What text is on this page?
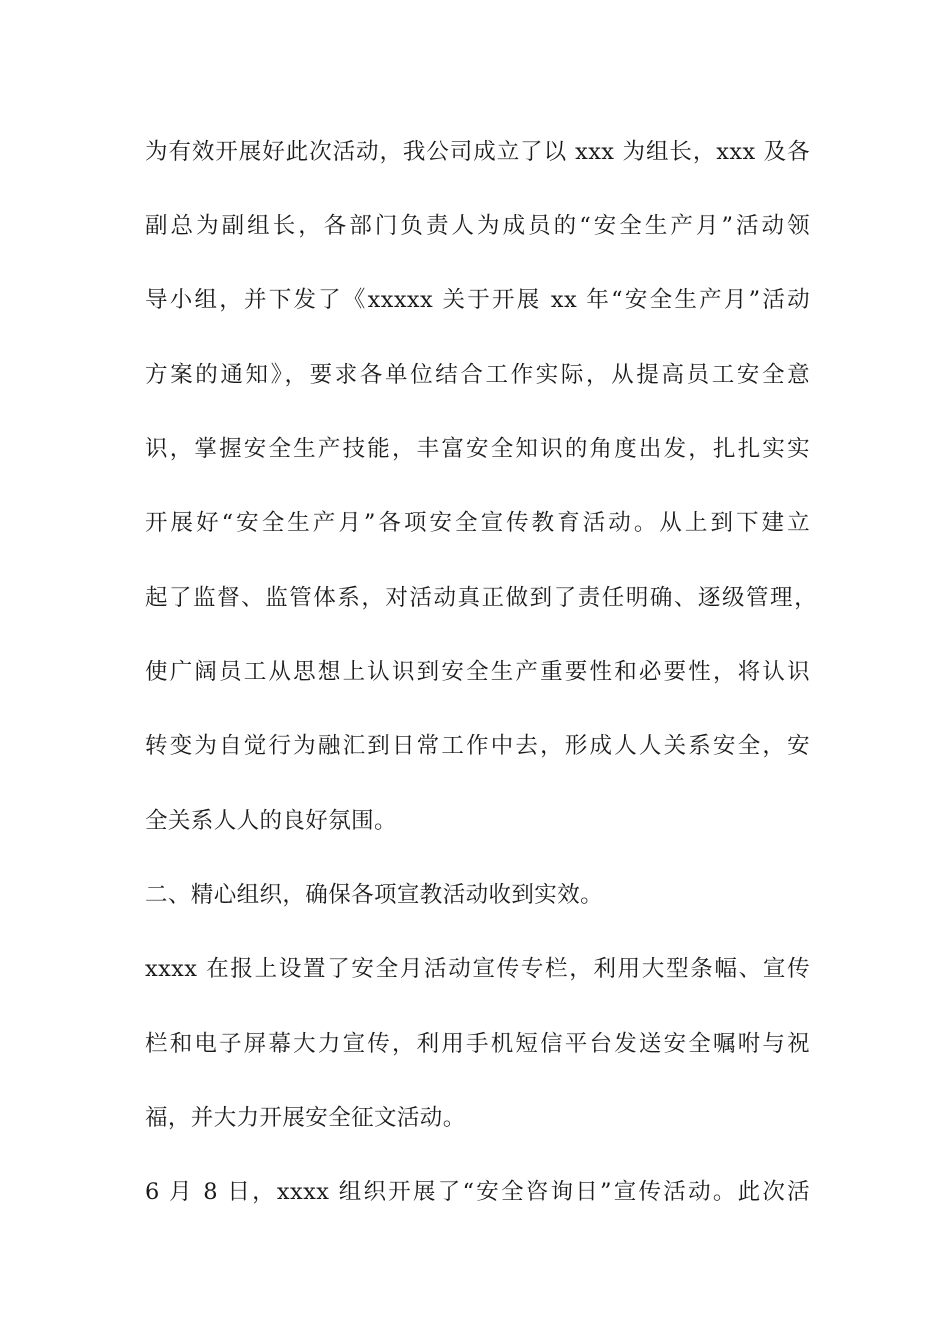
为有效开展好此次活动，我公司成立了以 xxx 为组长，xxx 及各
副总为副组长，各部门负责人为成员的“安全生产月”活动领
导小组，并下发了《xxxxx 关于开展 xx 年“安全生产月”活动
方案的通知》，要求各单位结合工作实际，从提高员工安全意
识，掌握安全生产技能，丰富安全知识的角度出发，扎扎实实
开展好“安全生产月”各项安全宣传教育活动。从上到下建立
起了监督、监管体系，对活动真正做到了责任明确、逐级管理，
使广阔员工从思想上认识到安全生产重要性和必要性，将认识
转变为自觉行为融汇到日常工作中去，形成人人关系安全，安
全关系人人的良好氛围。
二、精心组织，确保各项宣教活动收到实效。
xxxx 在报上设置了安全月活动宣传专栏，利用大型条幅、宣传
栏和电子屏幕大力宣传，利用手机短信平台发送安全嘱咐与祝
福，并大力开展安全征文活动。
6 月 8 日，xxxx 组织开展了“安全咨询日”宣传活动。此次活
